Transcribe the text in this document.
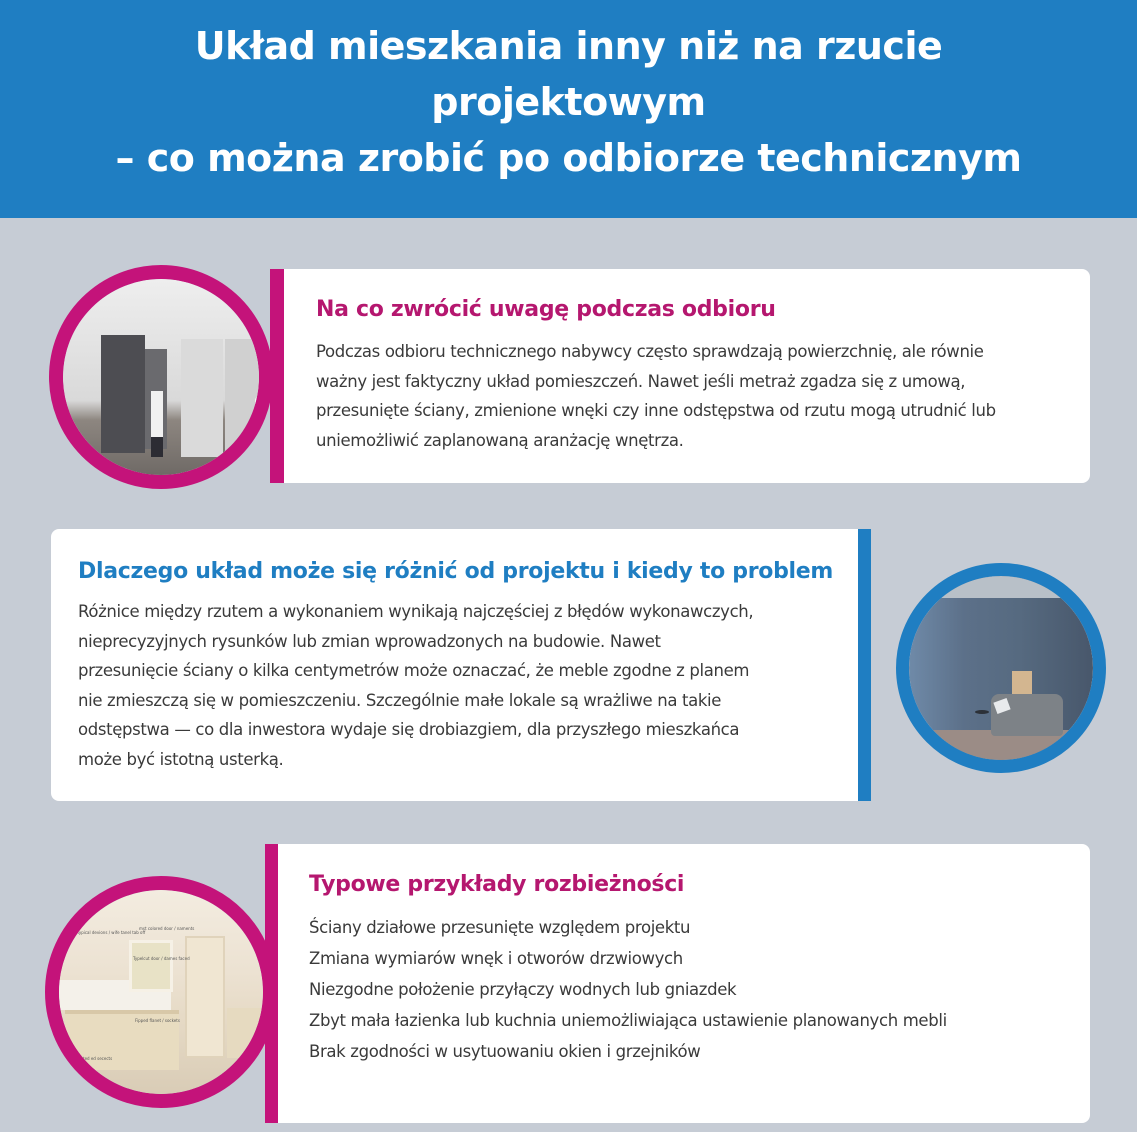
Układ mieszkania inny niż na rzucie
projektowym
– co można zrobić po odbiorze technicznym
Na co zwrócić uwagę podczas odbioru

Podczas odbioru technicznego nabywcy często sprawdzają powierzchnię, ale równie
ważny jest faktyczny układ pomieszczeń. Nawet jeśli metraż zgadza się z umową,
przesunięte ściany, zmienione wnęki czy inne odstępstwa od rzutu mogą utrudnić lub
uniemożliwić zaplanowaną aranżację wnętrza.

Dlaczego układ może się różnić od projektu i kiedy to problem

Różnice między rzutem a wykonaniem wynikają najczęściej z błędów wykonawczych,
nieprecyzyjnych rysunków lub zmian wprowadzonych na budowie. Nawet
przesunięcie ściany o kilka centymetrów może oznaczać, że meble zgodne z planem
nie zmieszczą się w pomieszczeniu. Szczególnie małe lokale są wrażliwe na takie
odstępstwa — co dla inwestora wydaje się drobiazgiem, dla przyszłego mieszkańca
może być istotną usterką.

Typical devions / wife tanel tab off
mst colored door / naments
Typelcut door / dames faced
Fipped flanet / sockets
ted ed secects
Typowe przykłady rozbieżności
Ściany działowe przesunięte względem projektu
Zmiana wymiarów wnęk i otworów drzwiowych
Niezgodne położenie przyłączy wodnych lub gniazdek
Zbyt mała łazienka lub kuchnia uniemożliwiająca ustawienie planowanych mebli
Brak zgodności w usytuowaniu okien i grzejników
